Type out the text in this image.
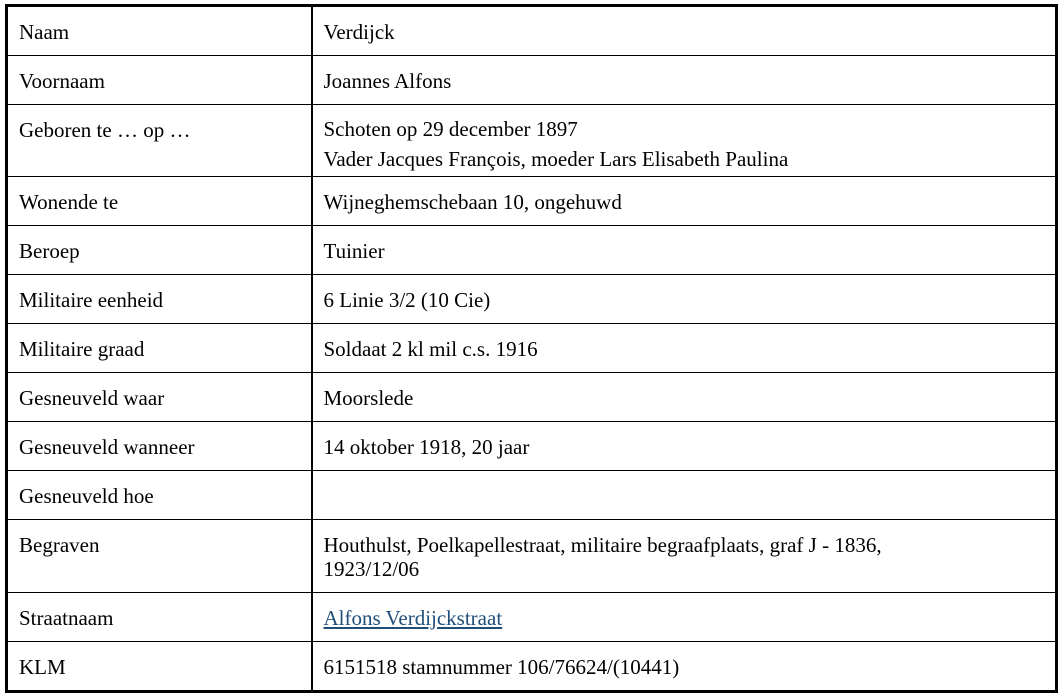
Naam	Verdijck

Voornaam	Joannes Alfons

Geboren te … op …	Schoten op 29 december 1897
Vader Jacques François, moeder Lars Elisabeth Paulina

Wonende te	Wijneghemschebaan 10, ongehuwd

Beroep	Tuinier

Militaire eenheid	6 Linie 3/2 (10 Cie)

Militaire graad	Soldaat 2 kl mil c.s. 1916

Gesneuveld waar	Moorslede

Gesneuveld wanneer	14 oktober 1918, 20 jaar

Gesneuveld hoe	
Begraven	Houthulst, Poelkapellestraat, militaire begraafplaats, graf J - 1836,
1923/12/06

Straatnaam	Alfons Verdijckstraat

KLM	6151518 stamnummer 106/76624/(10441)
